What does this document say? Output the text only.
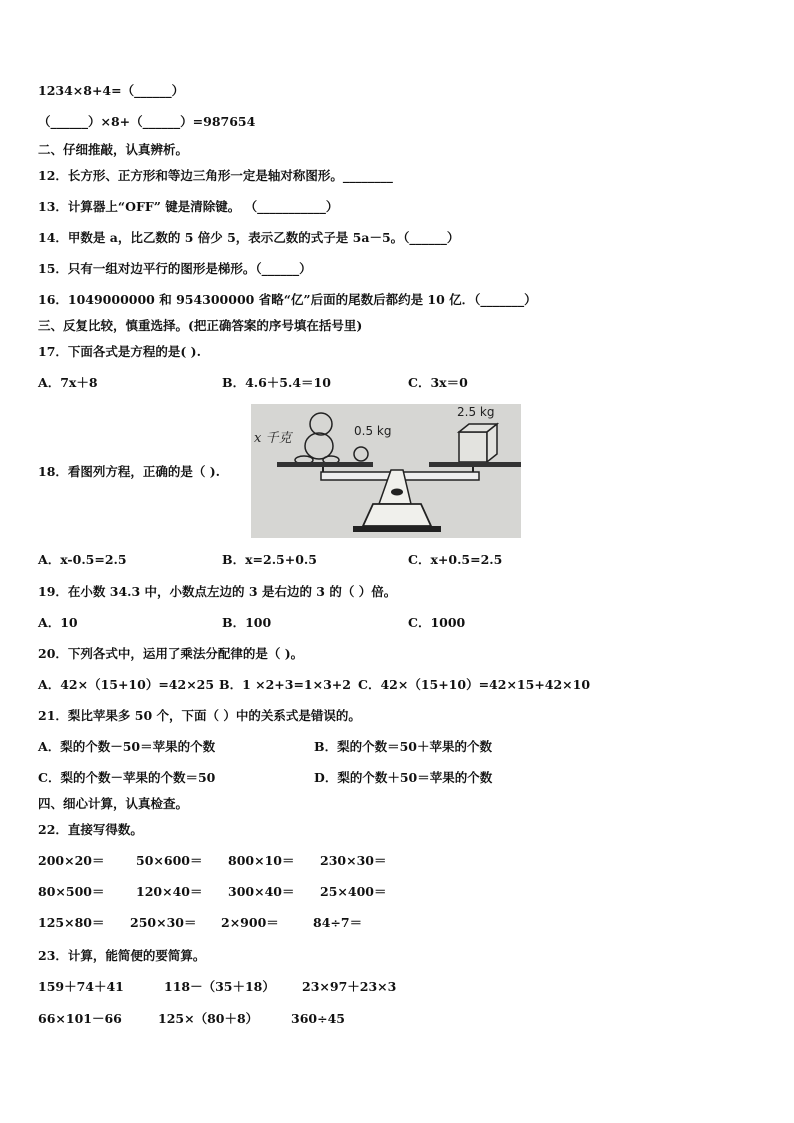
1234×8+4=（______）
（______）×8+（______）=987654
二、仔细推敲，认真辨析。
12．长方形、正方形和等边三角形一定是轴对称图形。________
13．计算器上“OFF” 键是清除键。 （___________）
14．甲数是 a，比乙数的 5 倍少 5，表示乙数的式子是 5a－5。（______）
15．只有一组对边平行的图形是梯形。（______）
16．1049000000 和 954300000 省略“亿”后面的尾数后都约是 10 亿．（_______）
三、反复比较，慎重选择。(把正确答案的序号填在括号里)
17．下面各式是方程的是( ).
A．7x＋8	B．4.6＋5.4＝10	C．3x＝0
18．看图列方程，正确的是（ ).
x 千克	0.5 kg
2.5 kg
A．x-0.5=2.5	B．x=2.5+0.5	C．x+0.5=2.5
19．在小数 34.3 中，小数点左边的 3 是右边的 3 的（ ）倍。
A．10	B．100	C．1000
20．下列各式中，运用了乘法分配律的是（ )。
A．42×（15+10）=42×25 B．1 ×2+3=1×3+2 C．42×（15+10）=42×15+42×10
21．梨比苹果多 50 个，下面（ ）中的关系式是错误的。
A．梨的个数－50＝苹果的个数	B．梨的个数＝50＋苹果的个数
C．梨的个数－苹果的个数＝50	D．梨的个数＋50＝苹果的个数
四、细心计算，认真检查。
22．直接写得数。
200×20＝	50×600＝ 800×10＝ 230×30＝
80×500＝	120×40＝ 300×40＝ 25×400＝
125×80＝ 250×30＝ 2×900＝	84÷7＝
23．计算，能简便的要简算。
159＋74＋41	118－（35＋18） 23×97＋23×3
66×101－66	125×（80＋8）	360÷45
